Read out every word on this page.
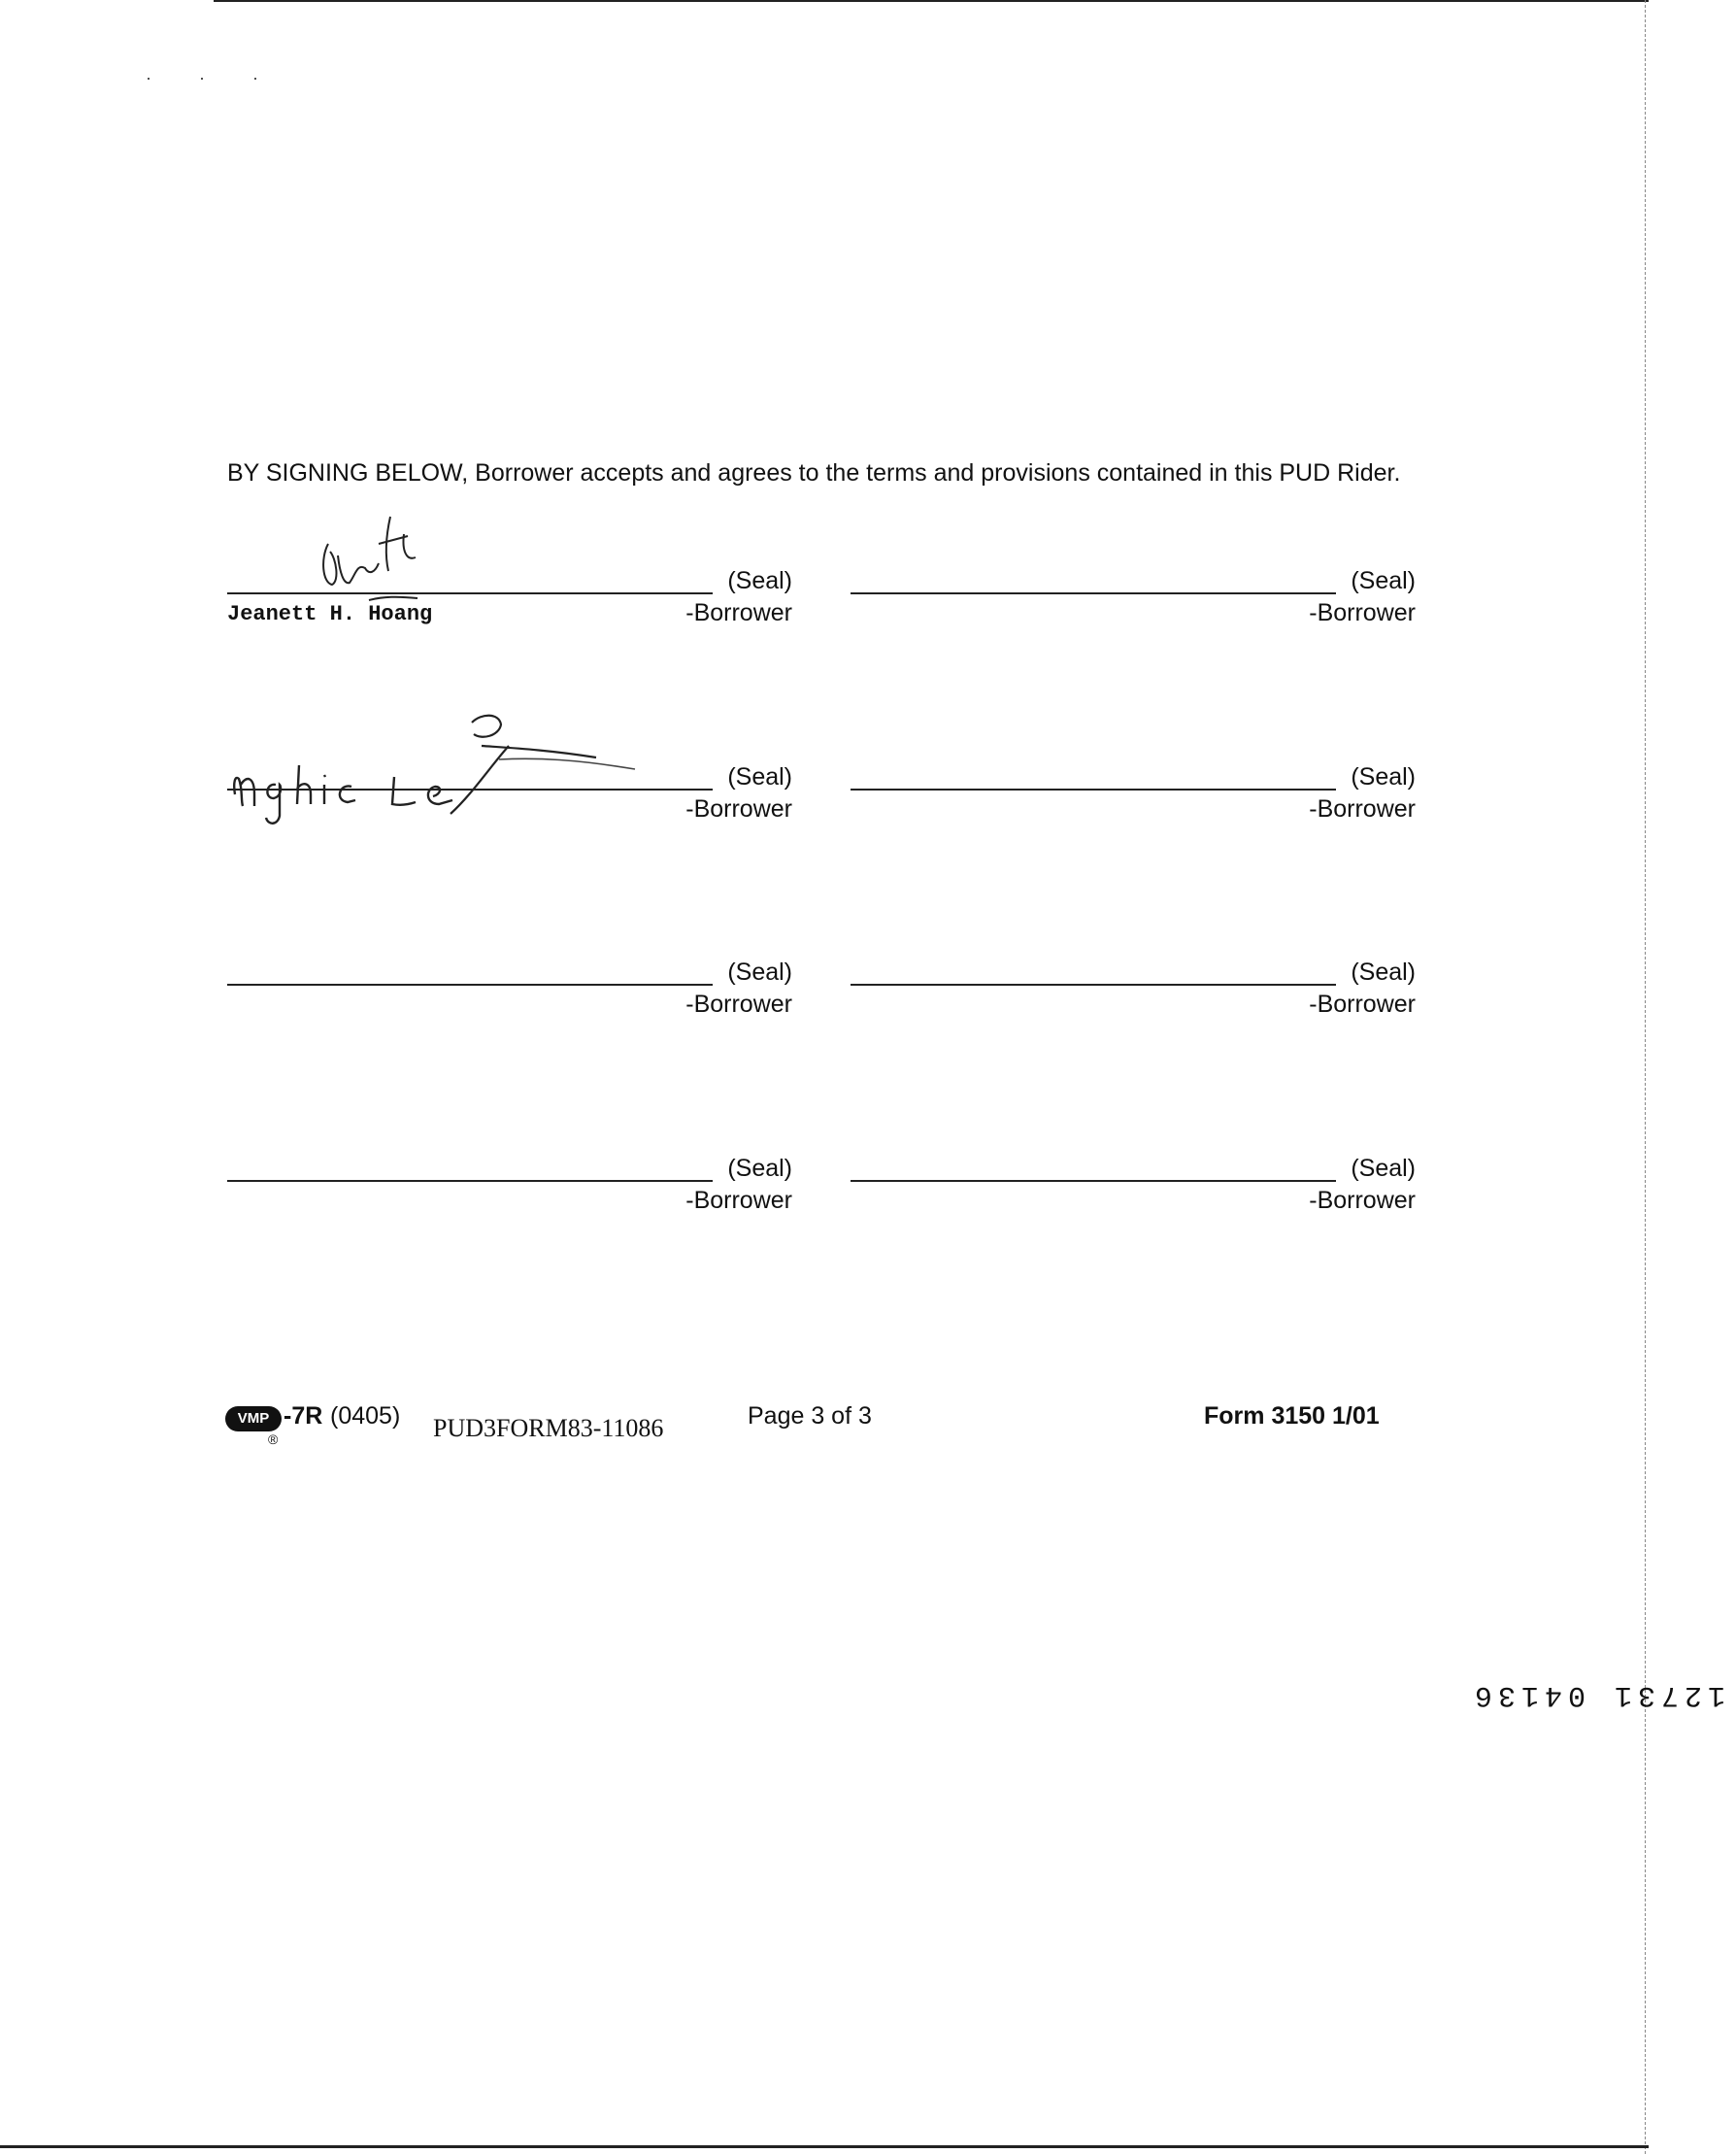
· · ·

BY SIGNING BELOW, Borrower accepts and agrees to the terms and provisions contained in this PUD Rider.

(Seal)
-Borrower
Jeanett H. Hoang
(Seal)
-Borrower
(Seal)
-Borrower
(Seal)
-Borrower
(Seal)
-Borrower
(Seal)
-Borrower
(Seal)
-Borrower
(Seal)
-Borrower
VMP
®
-7R (0405) PUD3FORM83-11086	Page 3 of 3	Form 3150 1/01
1
2
7
3
1

0
4
1
3
6
